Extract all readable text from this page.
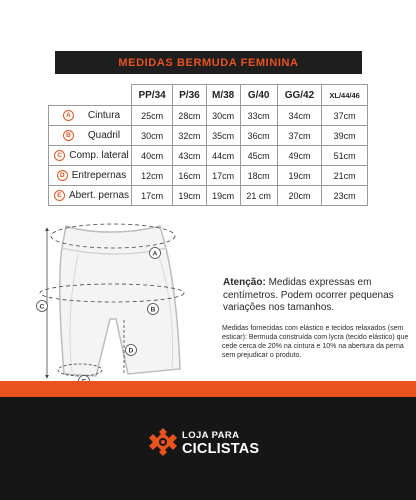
MEDIDAS BERMUDA FEMININA
	PP/34	P/36	M/38	G/40	GG/42	XL/44/46
A Cintura	25cm	28cm	30cm	33cm	34cm	37cm
B Quadril	30cm	32cm	35cm	36cm	37cm	39cm
C Comp. lateral	40cm	43cm	44cm	45cm	49cm	51cm
D Entrepernas	12cm	16cm	17cm	18cm	19cm	21cm
E Abert. pernas	17cm	19cm	19cm	21 cm	20cm	23cm
A
B
C
D
Atenção: Medidas expressas em centímetros. Podem ocorrer pequenas variações nos tamanhos.
Medidas fornecidas com elástico e tecidos relaxados (sem esticar): Bermuda construída com lycra (tecido elástico) que cede cerca de 20% na cintura e 10% na abertura da perna sem prejudicar o produto.
LOJA PARA
CICLISTAS
